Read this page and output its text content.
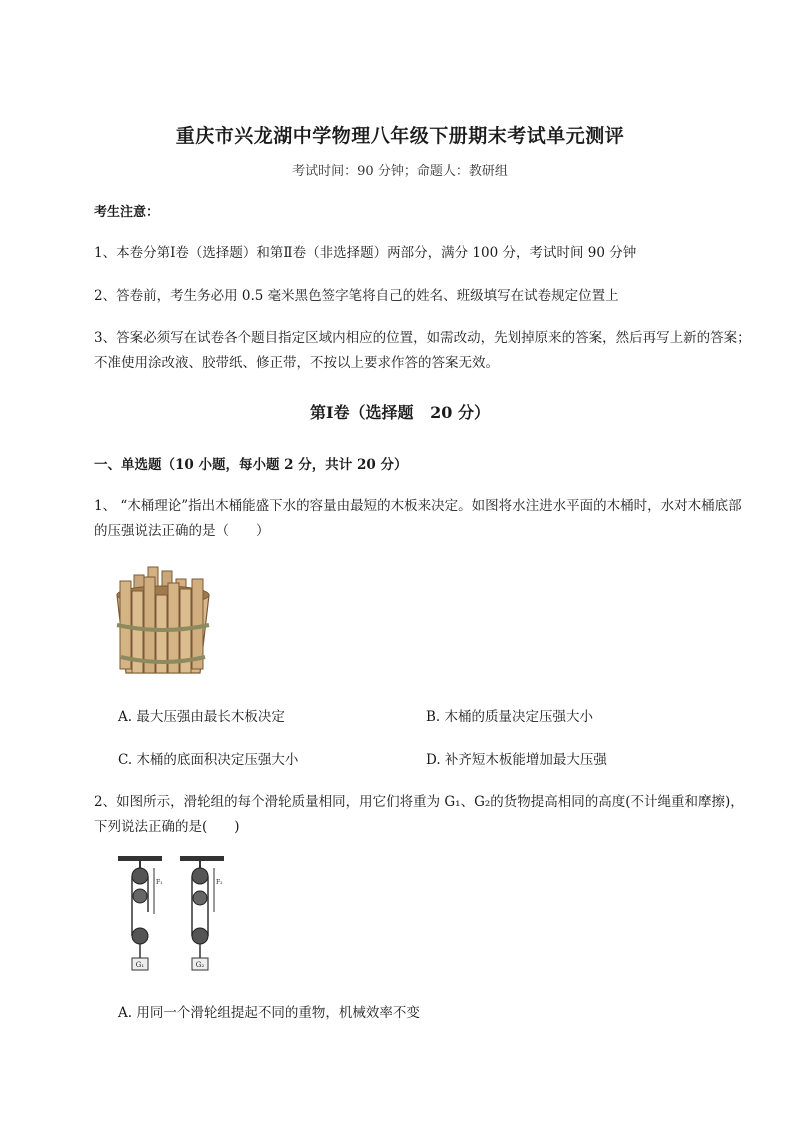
重庆市兴龙湖中学物理八年级下册期末考试单元测评
考试时间：90 分钟；命题人：教研组
考生注意：
1、本卷分第Ⅰ卷（选择题）和第Ⅱ卷（非选择题）两部分，满分 100 分，考试时间 90 分钟
2、答卷前，考生务必用 0.5 毫米黑色签字笔将自己的姓名、班级填写在试卷规定位置上
3、答案必须写在试卷各个题目指定区域内相应的位置，如需改动，先划掉原来的答案，然后再写上新的答案；不准使用涂改液、胶带纸、修正带，不按以上要求作答的答案无效。
第Ⅰ卷（选择题   20 分）
一、单选题（10 小题，每小题 2 分，共计 20 分）
1、 “木桶理论”指出木桶能盛下水的容量由最短的木板来决定。如图将水注进水平面的木桶时，水对木桶底部的压强说法正确的是（　　）
A. 最大压强由最长木板决定	B. 木桶的质量决定压强大小
C. 木桶的底面积决定压强大小	D. 补齐短木板能增加最大压强
2、如图所示，滑轮组的每个滑轮质量相同，用它们将重为 G₁、G₂的货物提高相同的高度(不计绳重和摩擦)，下列说法正确的是(　　)
G₁
F₁
G₂
F₂
A. 用同一个滑轮组提起不同的重物，机械效率不变
